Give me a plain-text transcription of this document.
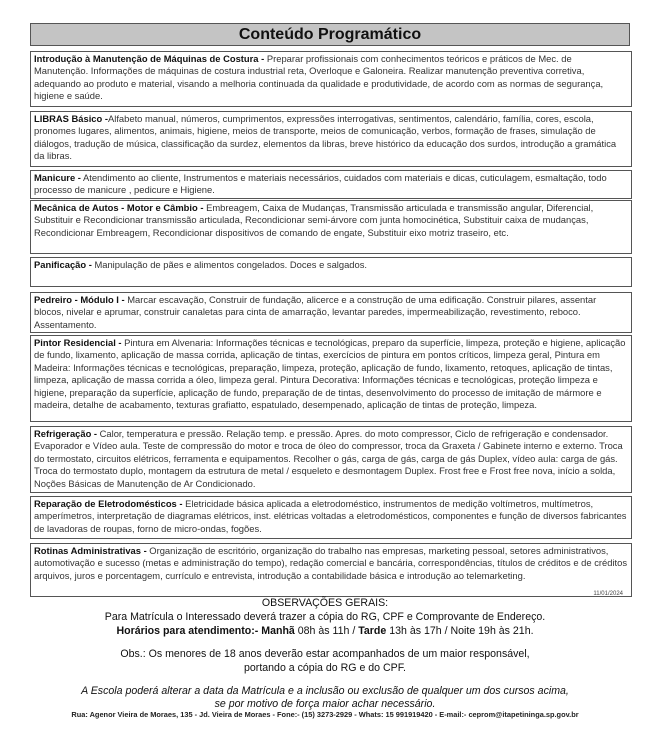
Conteúdo Programático
Introdução à Manutenção de Máquinas de Costura - Preparar profissionais com conhecimentos teóricos e práticos de Mec. de Manutenção. Informações de máquinas de costura industrial reta, Overloque e Galoneira. Realizar manutenção preventiva corretiva, adequando ao produto e material, visando a melhoria continuada da qualidade e produtividade, de acordo com as normas de segurança, higiene e saúde.
LIBRAS Básico -Alfabeto manual, números, cumprimentos, expressões interrogativas, sentimentos, calendário, família, cores, escola, pronomes lugares, alimentos, animais, higiene, meios de transporte, meios de comunicação, verbos, formação de frases, simulação de diálogos, tradução de música, classificação da surdez, elementos da libras, breve histórico da educação dos surdos, introdução a gramática da libras.
Manicure - Atendimento ao cliente, Instrumentos e materiais necessários, cuidados com materiais e dicas, cuticulagem, esmaltação, todo processo de manicure , pedicure e Higiene.
Mecânica de Autos - Motor e Câmbio - Embreagem, Caixa de Mudanças, Transmissão articulada e transmissão angular, Diferencial, Substituir e Recondicionar transmissão articulada, Recondicionar semi-árvore com junta homocinética, Substituir caixa de mudanças, Recondicionar Embreagem, Recondicionar dispositivos de comando de engate, Substituir eixo motriz traseiro, etc.
Panificação - Manipulação de pães e alimentos congelados. Doces e salgados.
Pedreiro - Módulo I - Marcar escavação, Construir de fundação, alicerce e a construção de uma edificação. Construir pilares, assentar blocos, nivelar e aprumar, construir canaletas para cinta de amarração, levantar paredes, impermeabilização, revestimento, reboco. Assentamento.
Pintor Residencial - Pintura em Alvenaria: Informações técnicas e tecnológicas, preparo da superfície, limpeza, proteção e higiene, aplicação de fundo, lixamento, aplicação de massa corrida, aplicação de tintas, exercícios de pintura em pontos críticos, limpeza geral, Pintura em Madeira: Informações técnicas e tecnológicas, preparação, limpeza, proteção, aplicação de fundo, lixamento, retoques, aplicação de tintas, limpeza, aplicação de massa corrida a óleo, limpeza geral. Pintura Decorativa: Informações técnicas e tecnológicas, proteção limpeza e higiene, preparação da superfície, aplicação de fundo, preparação de de tintas, desenvolvimento do processo de imitação de mármore e madeira, detalhe de acabamento, texturas grafiatto, espatulado, desempenado, aplicação de tintas de proteção, limpeza.
Refrigeração - Calor, temperatura e pressão. Relação temp. e pressão. Apres. do moto compressor, Ciclo de refrigeração e condensador. Evaporador e Vídeo aula. Teste de compressão do motor e troca de óleo do compressor, troca da Graxeta / Gabinete interno e externo. Troca do termostato, circuitos elétricos, ferramenta e equipamentos. Recolher o gás, carga de gás, carga de gás Duplex, vídeo aula: carga de gás. Troca do termostato duplo, montagem da estrutura de metal / esqueleto e desmontagem Duplex. Frost free e Frost free nova, início a solda, Noções Básicas de Manutenção de Ar Condicionado.
Reparação de Eletrodomésticos - Eletricidade básica aplicada a eletrodoméstico, instrumentos de medição voltímetros, multímetros, amperímetros, interpretação de diagramas elétricos, inst. elétricas voltadas a eletrodomésticos, componentes e função de diversos fabricantes de lavadoras de roupas, forno de micro-ondas, fogões.
Rotinas Administrativas - Organização de escritório, organização do trabalho nas empresas, marketing pessoal, setores administrativos, automotivação e sucesso (metas e administração do tempo), redação comercial e bancária, correspondências, títulos de créditos e de créditos arquivos, juros e porcentagem, currículo e entrevista, introdução a contabilidade básica e introdução ao telemarketing.
11/01/2024
OBSERVAÇÕES GERAIS:
Para Matrícula o Interessado deverá trazer a cópia do RG, CPF e Comprovante de Endereço.
Horários para atendimento:- Manhã 08h às 11h / Tarde 13h às 17h / Noite 19h às 21h.
Obs.: Os menores de 18 anos deverão estar acompanhados de um maior responsável,
portando a cópia do RG e do CPF.
A Escola poderá alterar a data da Matrícula e a inclusão ou exclusão de qualquer um dos cursos acima,
se por motivo de força maior achar necessário.
Rua: Agenor Vieira de Moraes, 135 - Jd. Vieira de Moraes - Fone:- (15) 3273-2929 - Whats: 15 991919420 - E-mail:- ceprom@itapetininga.sp.gov.br
